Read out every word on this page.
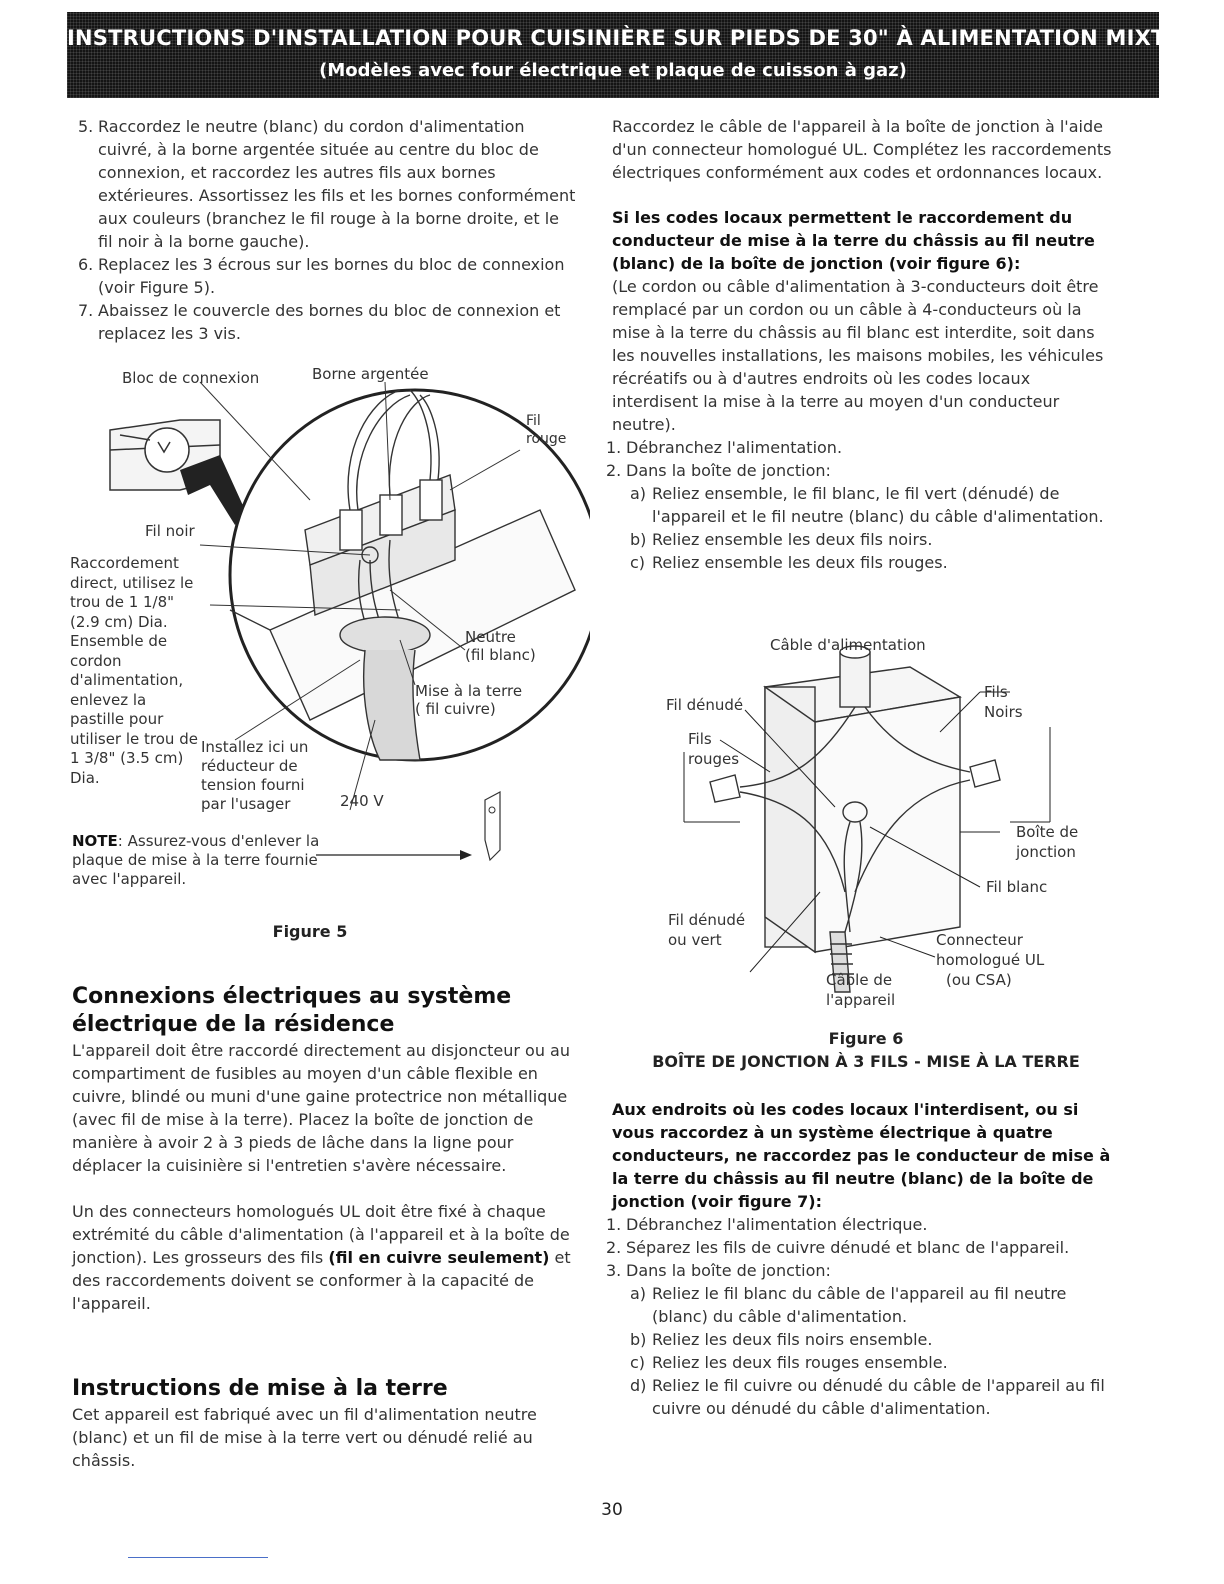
INSTRUCTIONS D'INSTALLATION POUR CUISINIÈRE SUR PIEDS DE 30" À ALIMENTATION MIXTE
(Modèles avec four électrique et plaque de cuisson à gaz)
5. Raccordez le neutre (blanc) du cordon d'alimentation cuivré, à la borne argentée située au centre du bloc de connexion, et raccordez les autres fils aux bornes extérieures. Assortissez les fils et les bornes conformément aux couleurs (branchez le fil rouge à la borne droite, et le fil noir à la borne gauche).
6. Replacez les 3 écrous sur les bornes du bloc de connexion (voir Figure 5).
7. Abaissez le couvercle des bornes du bloc de connexion et replacez les 3 vis.
Bloc de connexion	Borne argentée
Fil
rouge
Fil noir
Raccordement direct, utilisez le trou de 1 1/8" (2.9 cm) Dia. Ensemble de cordon d'alimentation, enlevez la pastille pour utiliser le trou de 1 3/8" (3.5 cm) Dia.
Neutre
(fil blanc)
Mise à la terre
( fil cuivre)
Installez ici un réducteur de tension fourni par l'usager	240 V
NOTE: Assurez-vous d'enlever la plaque de mise à la terre fournie avec l'appareil.
Figure 5
Connexions électriques au système électrique de la résidence

L'appareil doit être raccordé directement au disjoncteur ou au compartiment de fusibles au moyen d'un câble flexible en cuivre, blindé ou muni d'une gaine protectrice non métallique (avec fil de mise à la terre). Placez la boîte de jonction de manière à avoir 2 à 3 pieds de lâche dans la ligne pour déplacer la cuisinière si l'entretien s'avère nécessaire.

Un des connecteurs homologués UL doit être fixé à chaque extrémité du câble d'alimentation (à l'appareil et à la boîte de jonction). Les grosseurs des fils (fil en cuivre seulement) et des raccordements doivent se conformer à la capacité de l'appareil.

Instructions de mise à la terre

Cet appareil est fabriqué avec un fil d'alimentation neutre (blanc) et un fil de mise à la terre vert ou dénudé relié au châssis.

Raccordez le câble de l'appareil à la boîte de jonction à l'aide d'un connecteur homologué UL. Complétez les raccordements électriques conformément aux codes et ordonnances locaux.

Si les codes locaux permettent le raccordement du conducteur de mise à la terre du châssis au fil neutre (blanc) de la boîte de jonction (voir figure 6):

(Le cordon ou câble d'alimentation à 3-conducteurs doit être remplacé par un cordon ou un câble à 4-conducteurs où la mise à la terre du châssis au fil blanc est interdite, soit dans les nouvelles installations, les maisons mobiles, les véhicules récréatifs ou à d'autres endroits où les codes locaux interdisent la mise à la terre au moyen d'un conducteur neutre).

1. Débranchez l'alimentation.
2. Dans la boîte de jonction:
a) Reliez ensemble, le fil blanc, le fil vert (dénudé) de l'appareil et le fil neutre (blanc) du câble d'alimentation.
b) Reliez ensemble les deux fils noirs.
c) Reliez ensemble les deux fils rouges.
Câble d'alimentation
Fil dénudé
Fils
Noirs
Fils
rouges
Boîte de
jonction
Fil blanc
Fil dénudé
ou vert	Connecteur
homologué UL
(ou CSA)
Câble de
l'appareil
Figure 6
BOÎTE DE JONCTION À 3 FILS - MISE À LA TERRE

Aux endroits où les codes locaux l'interdisent, ou si vous raccordez à un système électrique à quatre conducteurs, ne raccordez pas le conducteur de mise à la terre du châssis au fil neutre (blanc) de la boîte de jonction (voir figure 7):

1. Débranchez l'alimentation électrique.
2. Séparez les fils de cuivre dénudé et blanc de l'appareil.
3. Dans la boîte de jonction:
a) Reliez le fil blanc du câble de l'appareil au fil neutre (blanc) du câble d'alimentation.
b) Reliez les deux fils noirs ensemble.
c) Reliez les deux fils rouges ensemble.
d) Reliez le fil cuivre ou dénudé du câble de l'appareil au fil cuivre ou dénudé du câble d'alimentation.
30
